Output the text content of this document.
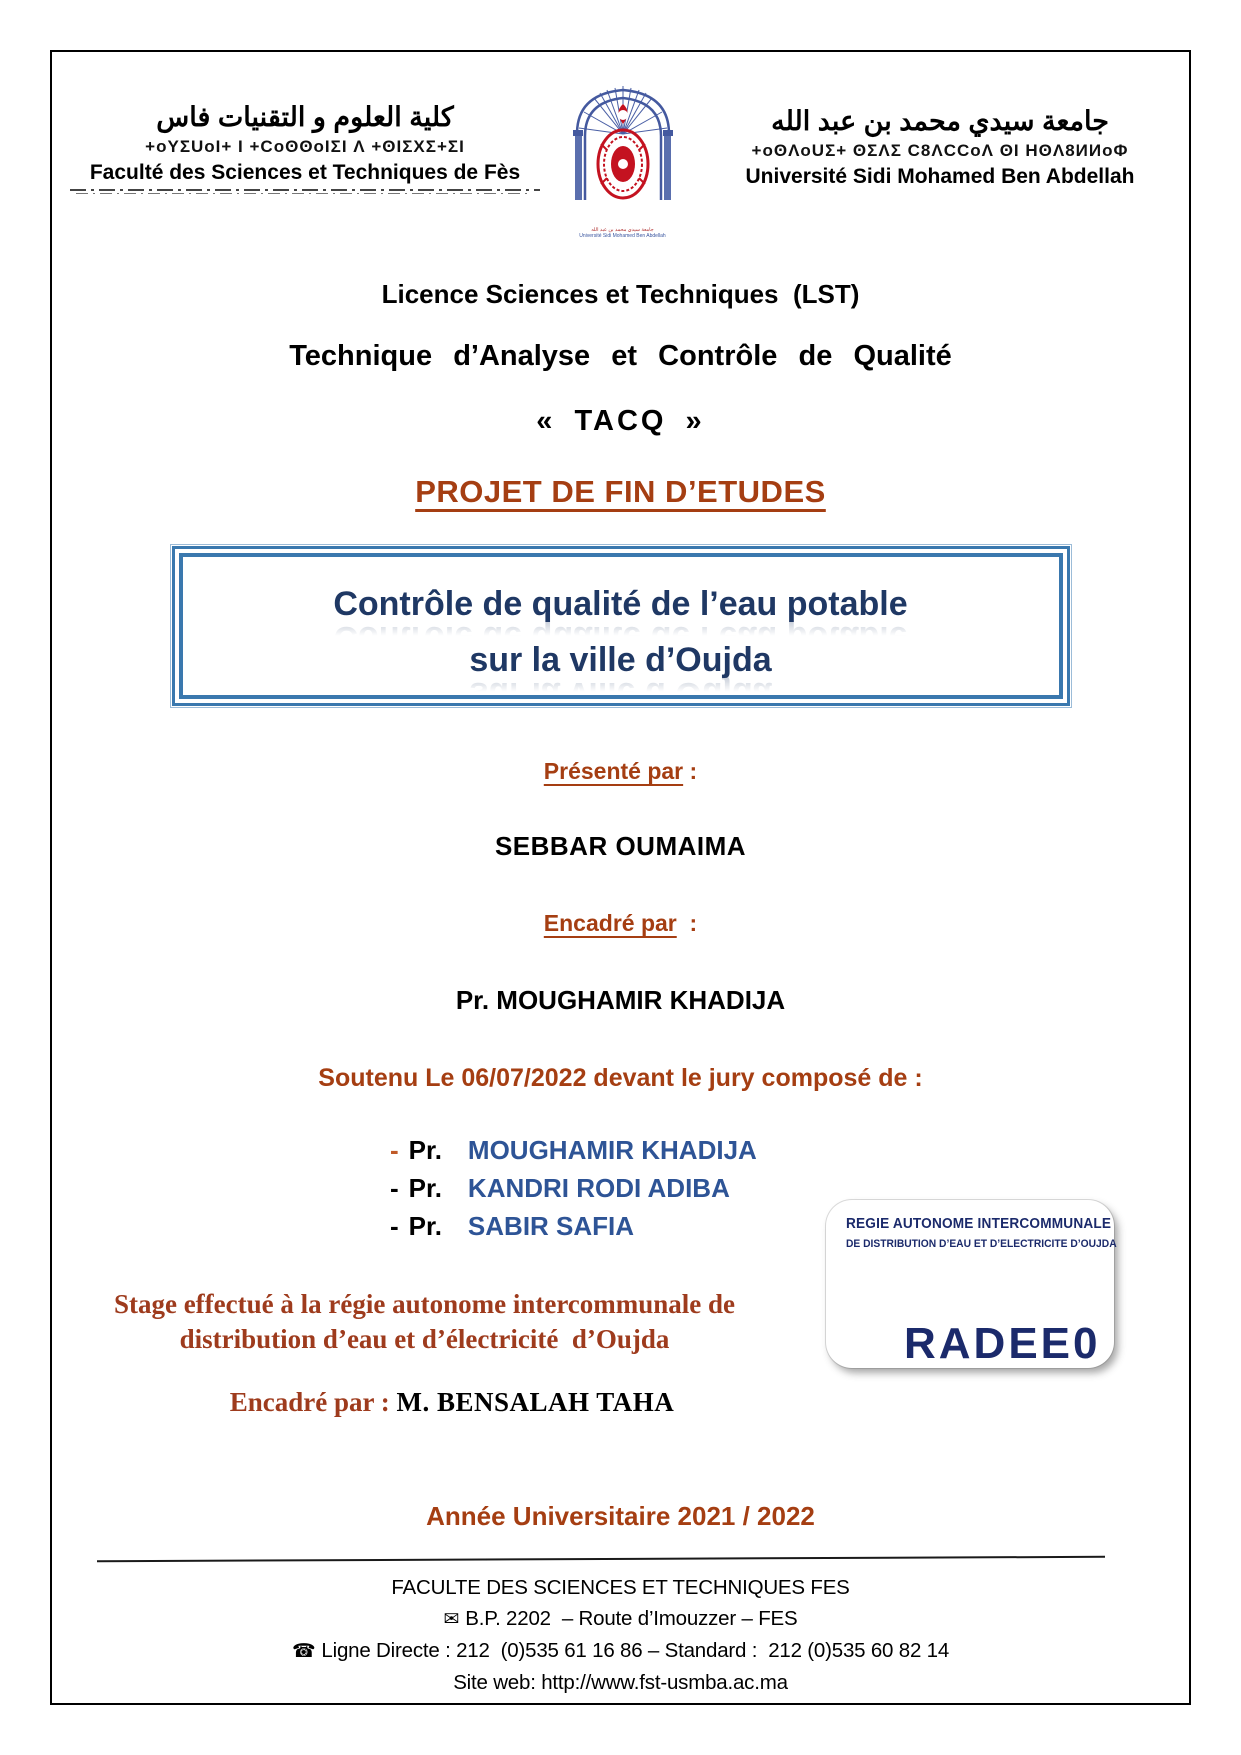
كلية العلوم و التقنيات فاس
+oYΣUoI+ I +CoʘʘoIΣI Λ +ʘIΣXΣ+ΣI
Faculté des Sciences et Techniques de Fès
جامعة سيدي محمد بن عبد الله
Université Sidi Mohamed Ben Abdellah
جامعة سيدي محمد بن عبد الله
+oʘΛoUΣ+ ʘΣΛΣ C8ΛCCoΛ ʘI ΗʘΛ8ИИoΦ
Université Sidi Mohamed Ben Abdellah
Licence Sciences et Techniques  (LST)
Technique d’Analyse et Contrôle de Qualité
« TACQ »
PROJET DE FIN D’ETUDES
Contrôle de qualité de l’eau potable
sur la ville d’Oujda
Présenté par :
SEBBAR OUMAIMA
Encadré par  :
Pr. MOUGHAMIR KHADIJA
Soutenu Le 06/07/2022 devant le jury composé de :
- Pr. MOUGHAMIR KHADIJA
- Pr. KANDRI RODI ADIBA
- Pr. SABIR SAFIA
Stage effectué à la régie autonome intercommunale de
distribution d’eau et d’électricité  d’Oujda
Encadré par : M. BENSALAH TAHA
Année Universitaire 2021 / 2022
FACULTE DES SCIENCES ET TECHNIQUES FES
✉ B.P. 2202  – Route d’Imouzzer – FES
☎ Ligne Directe : 212  (0)535 61 16 86 – Standard :  212 (0)535 60 82 14
Site web: http://www.fst-usmba.ac.ma
REGIE AUTONOME INTERCOMMUNALE
DE DISTRIBUTION D’EAU ET D’ELECTRICITE D’OUJDA
RADEE0
